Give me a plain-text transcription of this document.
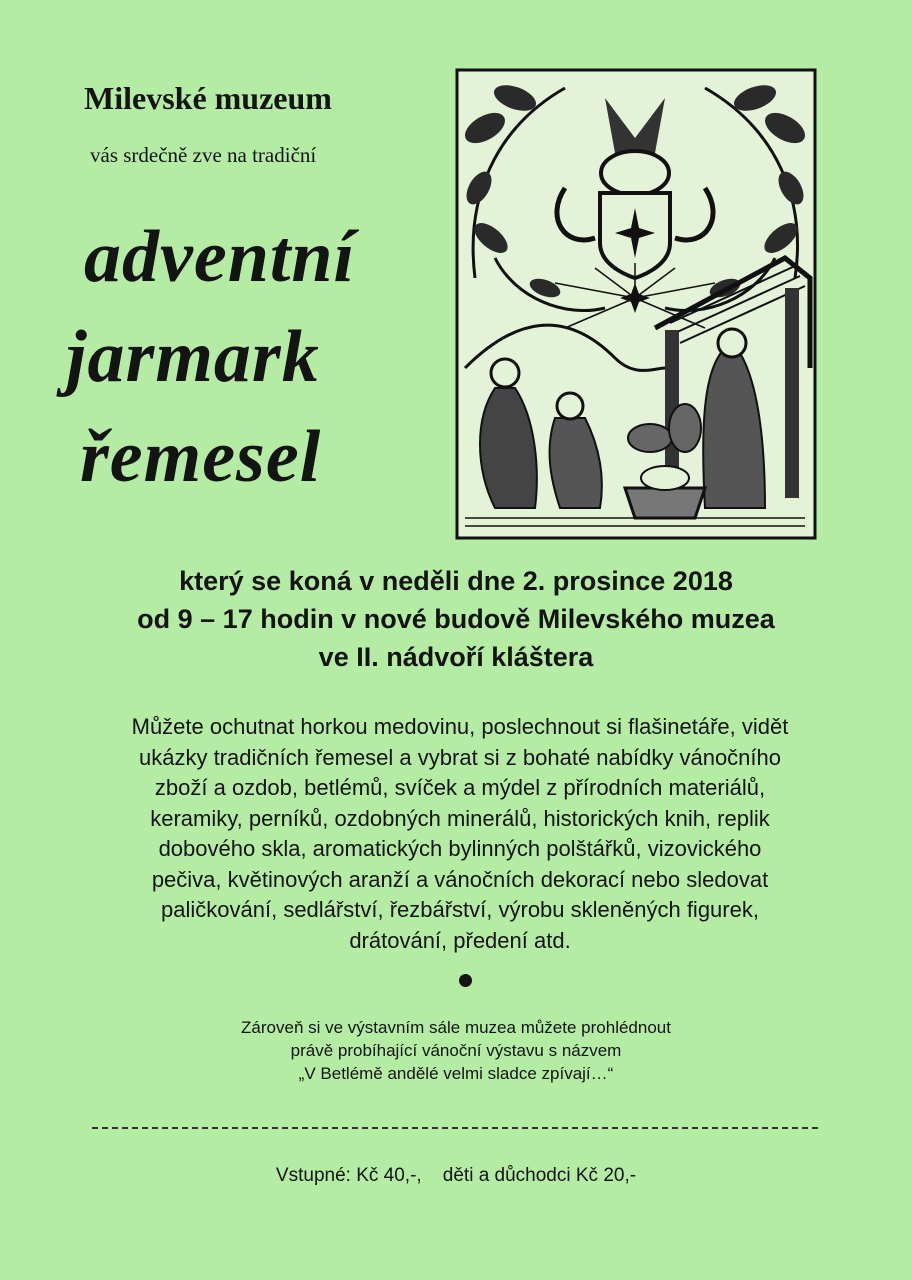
Milevské muzeum
vás srdečně zve na tradiční
adventní
jarmark
řemesel
který se koná v neděli dne 2. prosince 2018
od 9 – 17 hodin v nové budově Milevského muzea
ve II. nádvoří kláštera
Můžete ochutnat horkou medovinu, poslechnout si flašinetáře, vidět
ukázky tradičních řemesel a vybrat si z bohaté nabídky vánočního
zboží a ozdob, betlémů, svíček a mýdel z přírodních materiálů,
keramiky, perníků, ozdobných minerálů, historických knih, replik
dobového skla, aromatických bylinných polštářků, vizovického
pečiva, květinových aranží a vánočních dekorací nebo sledovat
paličkování, sedlářství, řezbářství, výrobu skleněných figurek,
drátování, předení atd.
Zároveň si ve výstavním sále muzea můžete prohlédnout
právě probíhající vánoční výstavu s názvem
„V Betlémě andělé velmi sladce zpívají…“
Vstupné: Kč 40,-,    děti a důchodci Kč 20,-
